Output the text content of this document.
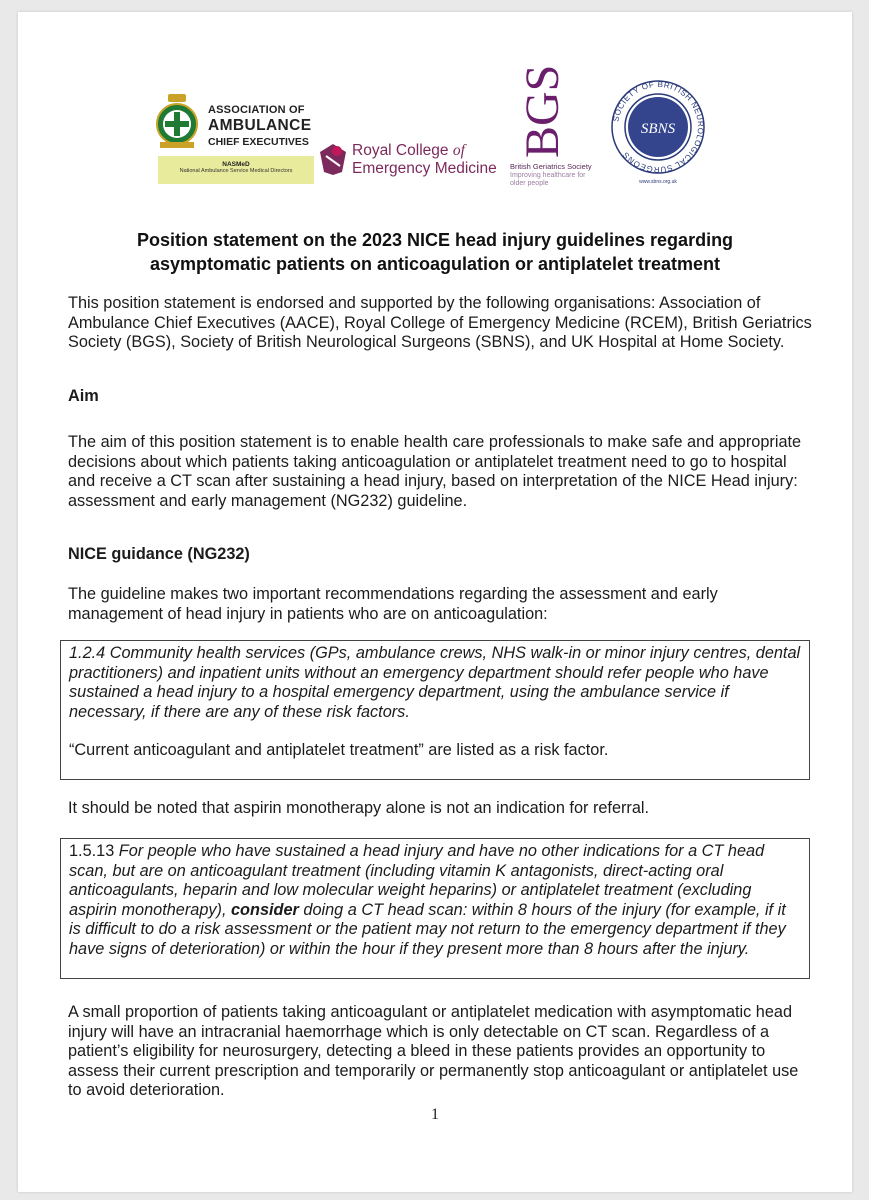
ASSOCIATION OF
AMBULANCE
CHIEF EXECUTIVES
NASMeD
National Ambulance Service Medical Directors
Royal College of
Emergency Medicine
BGS
British Geriatrics Society
Improving healthcare for older people
SOCIETY OF BRITISH NEUROLOGICAL SURGEONS
SBNS
www.sbns.org.uk
Position statement on the 2023 NICE head injury guidelines regarding
asymptomatic patients on anticoagulation or antiplatelet treatment
This position statement is endorsed and supported by the following organisations: Association of Ambulance Chief Executives (AACE), Royal College of Emergency Medicine (RCEM), British Geriatrics Society (BGS), Society of British Neurological Surgeons (SBNS), and UK Hospital at Home Society.
Aim
The aim of this position statement is to enable health care professionals to make safe and appropriate decisions about which patients taking anticoagulation or antiplatelet treatment need to go to hospital and receive a CT scan after sustaining a head injury, based on interpretation of the NICE Head injury: assessment and early management (NG232) guideline.
NICE guidance (NG232)
The guideline makes two important recommendations regarding the assessment and early management of head injury in patients who are on anticoagulation:
1.2.4 Community health services (GPs, ambulance crews, NHS walk-in or minor injury centres, dental practitioners) and inpatient units without an emergency department should refer people who have sustained a head injury to a hospital emergency department, using the ambulance service if necessary, if there are any of these risk factors.
“Current anticoagulant and antiplatelet treatment” are listed as a risk factor.
It should be noted that aspirin monotherapy alone is not an indication for referral.
1.5.13 For people who have sustained a head injury and have no other indications for a CT head scan, but are on anticoagulant treatment (including vitamin K antagonists, direct-acting oral anticoagulants, heparin and low molecular weight heparins) or antiplatelet treatment (excluding aspirin monotherapy), consider doing a CT head scan: within 8 hours of the injury (for example, if it is difficult to do a risk assessment or the patient may not return to the emergency department if they have signs of deterioration) or within the hour if they present more than 8 hours after the injury.
A small proportion of patients taking anticoagulant or antiplatelet medication with asymptomatic head injury will have an intracranial haemorrhage which is only detectable on CT scan. Regardless of a patient’s eligibility for neurosurgery, detecting a bleed in these patients provides an opportunity to assess their current prescription and temporarily or permanently stop anticoagulant or antiplatelet use to avoid deterioration.
1
